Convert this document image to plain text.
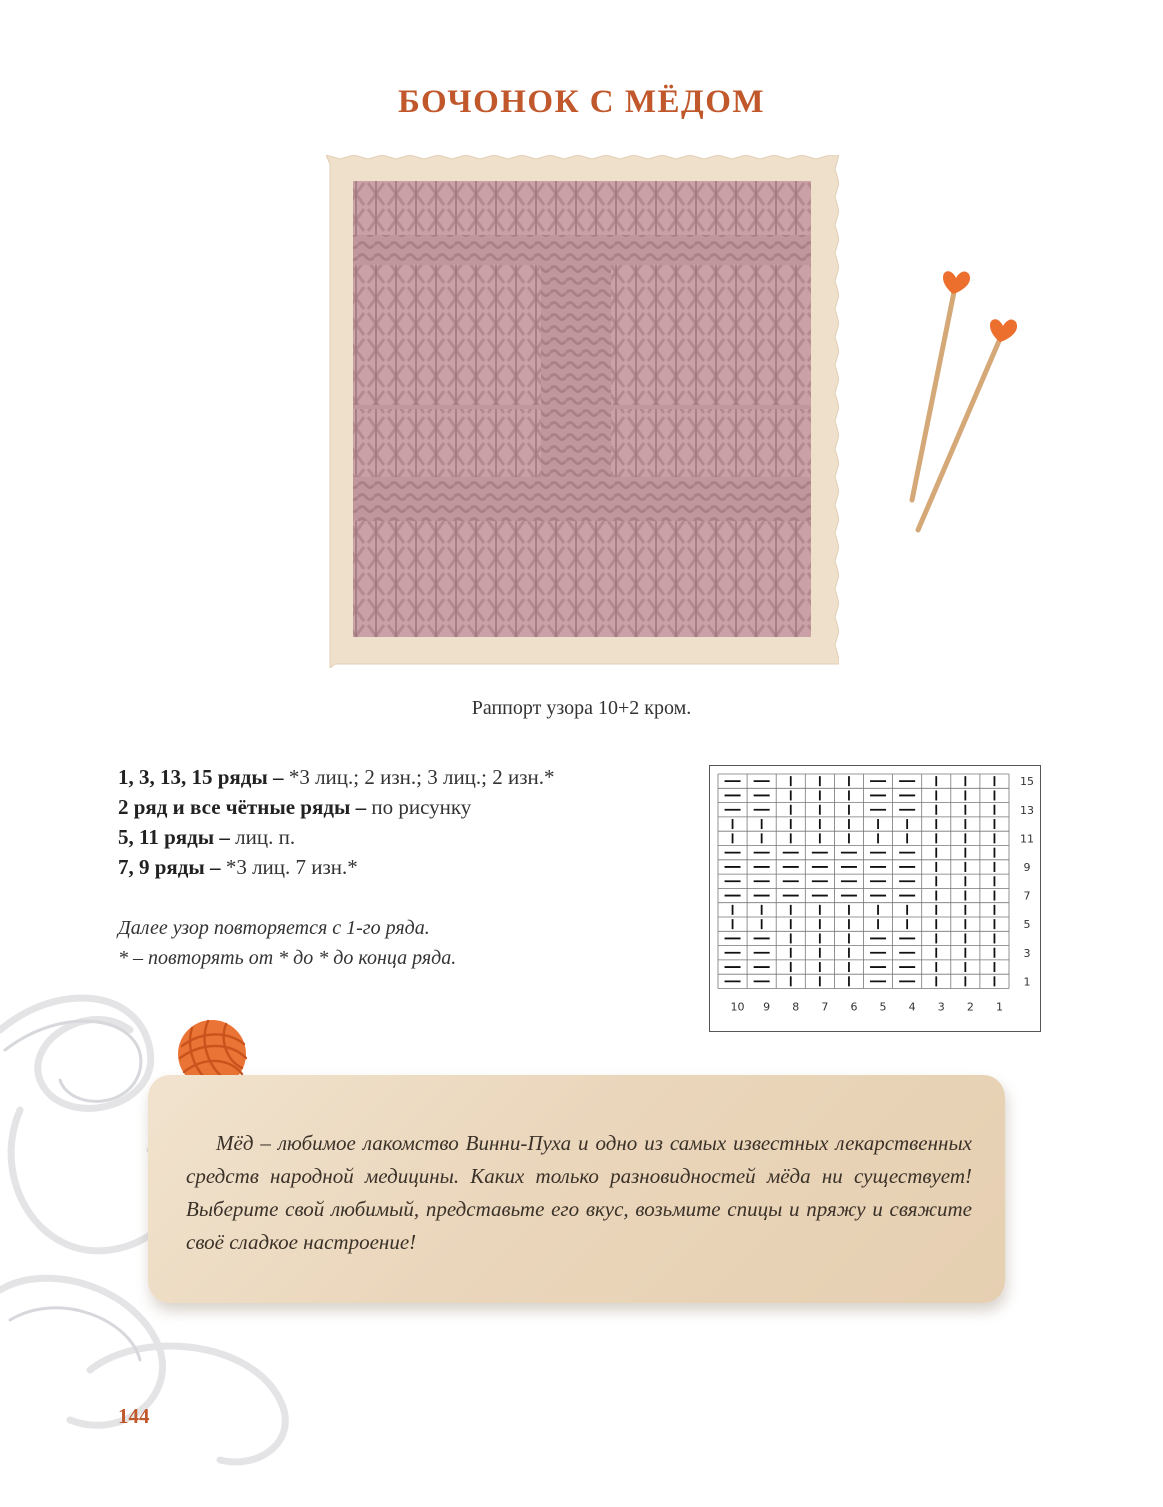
БОЧОНОК С МЁДОМ
Раппорт узора 10+2 кром.
1, 3, 13, 15 ряды – *3 лиц.; 2 изн.; 3 лиц.; 2 изн.*
2 ряд и все чётные ряды – по рисунку
5, 11 ряды – лиц. п.
7, 9 ряды – *3 лиц. 7 изн.*
Далее узор повторяется с 1-го ряда.
* – повторять от * до * до конца ряда.
15
13
11
9
7
5
3
1
10 9 8 7 6 5 4 3 2 1
Мёд – любимое лакомство Винни-Пуха и одно из самых известных лекарственных средств народной медицины. Каких только разновидностей мёда ни существует! Выберите свой любимый, представьте его вкус, возьмите спицы и пряжу и свяжите своё сладкое настроение!
144
